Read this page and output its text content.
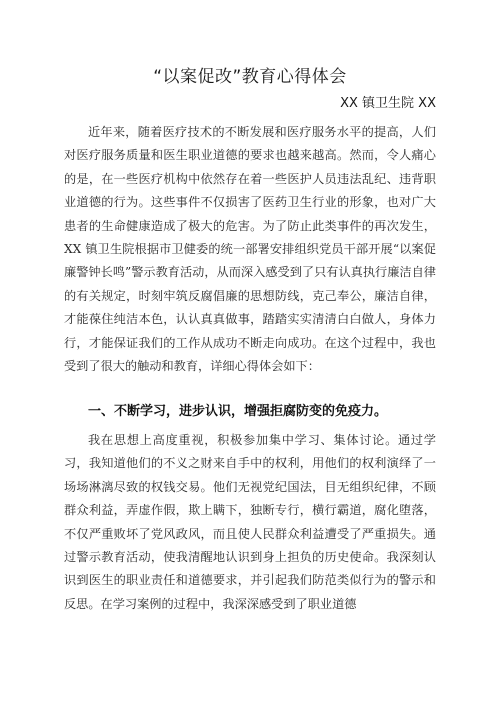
“以案促改”教育心得体会

XX 镇卫生院 XX

近年来，随着医疗技术的不断发展和医疗服务水平的提高，人们对医疗服务质量和医生职业道德的要求也越来越高。然而，令人痛心的是，在一些医疗机构中依然存在着一些医护人员违法乱纪、违背职业道德的行为。这些事件不仅损害了医药卫生行业的形象，也对广大患者的生命健康造成了极大的危害。为了防止此类事件的再次发生，XX 镇卫生院根据市卫健委的统一部署安排组织党员干部开展“以案促廉警钟长鸣”警示教育活动，从而深入感受到了只有认真执行廉洁自律的有关规定，时刻牢筑反腐倡廉的思想防线，克己奉公，廉洁自律，才能葆住纯洁本色，认认真真做事，踏踏实实清清白白做人，身体力行，才能保证我们的工作从成功不断走向成功。在这个过程中，我也受到了很大的触动和教育，详细心得体会如下：

一、不断学习，进步认识，增强拒腐防变的免疫力。

我在思想上高度重视，积极参加集中学习、集体讨论。通过学习，我知道他们的不义之财来自手中的权利，用他们的权利演绎了一场场淋漓尽致的权钱交易。他们无视党纪国法，目无组织纪律，不顾群众利益，弄虚作假，欺上瞒下，独断专行，横行霸道，腐化堕落，不仅严重败坏了党风政风，而且使人民群众利益遭受了严重损失。通过警示教育活动，使我清醒地认识到身上担负的历史使命。我深刻认识到医生的职业责任和道德要求，并引起我们防范类似行为的警示和反思。在学习案例的过程中，我深深感受到了职业道德
